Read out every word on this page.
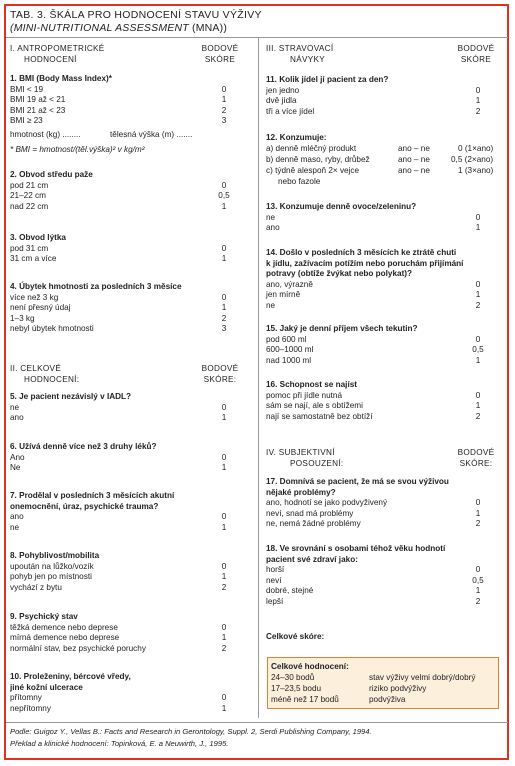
TAB. 3. ŠKÁLA PRO HODNOCENÍ STAVU VÝŽIVY
(MINI-NUTRITIONAL ASSESSMENT (MNA))
I. ANTROPOMETRICKÉ
HODNOCENÍ
BODOVÉ
SKÓRE
hmotnost (kg) ........	tělesná výška (m) .......
* BMI = hmotnost/(těl.výška)² v kg/m²
II. CELKOVÉ
HODNOCENÍ:
BODOVÉ
SKÓRE:
III. STRAVOVACÍ
NÁVYKY
BODOVÉ
SKÓRE
12. Konzumuje:
a) denně mléčný produkt	ano – ne	0 (1×ano)
b) denně maso, ryby, drůbež	ano – ne	0,5 (2×ano)
c) týdně alespoň 2× vejce	ano – ne	1 (3×ano)
nebo fazole
IV. SUBJEKTIVNÍ
POSOUZENÍ:
BODOVÉ
SKÓRE:
Celkové skóre:
Celkové hodnocení:
24–30 bodů	stav výživy velmi dobrý/dobrý
17–23,5 bodu	riziko podvýživy
méně než 17 bodů	podvýživa
Podle: Guigoz Y., Vellas B.: Facts and Research in Gerontology, Suppl. 2, Serdi Publishing Company, 1994.
Překlad a klinické hodnocení: Topinková, E. a Neuwirth, J., 1995.
1. BMI (Body Mass Index)*
BMI < 19	0
BMI 19 až < 21	1
BMI 21 až < 23	2
BMI ≥ 23	3
2. Obvod středu paže
pod 21 cm	0
21–22 cm	0,5
nad 22 cm	1
3. Obvod lýtka
pod 31 cm	0
31 cm a více	1
4. Úbytek hmotnosti za posledních 3 měsíce
více než 3 kg	0
není přesný údaj	1
1–3 kg	2
nebyl úbytek hmotnosti	3
5. Je pacient nezávislý v IADL?
ne	0
ano	1
6. Užívá denně více než 3 druhy léků?
Ano	0
Ne	1
7. Prodělal v posledních 3 měsících akutní
onemocnění, úraz, psychické trauma?
ano	0
ne	1
8. Pohyblivost/mobilita
upoután na lůžko/vozík	0
pohyb jen po místnosti	1
vychází z bytu	2
9. Psychický stav
těžká demence nebo deprese	0
mírná demence nebo deprese	1
normální stav, bez psychické poruchy	2
10. Proleženiny, bércové vředy,
jiné kožní ulcerace
přítomny	0
nepřítomny	1
11. Kolik jídel jí pacient za den?
jen jedno	0
dvě jídla	1
tři a více jídel	2
13. Konzumuje denně ovoce/zeleninu?
ne	0
ano	1
14. Došlo v posledních 3 měsících ke ztrátě chuti
k jídlu, zažívacím potížím nebo poruchám přijímání
potravy (obtíže žvýkat nebo polykat)?
ano, výrazně	0
jen mírně	1
ne	2
15. Jaký je denní příjem všech tekutin?
pod 600 ml	0
600–1000 ml	0,5
nad 1000 ml	1
16. Schopnost se najíst
pomoc při jídle nutná	0
sám se nají, ale s obtížemi	1
nají se samostatně bez obtíží	2
17. Domnívá se pacient, že má se svou výživou
nějaké problémy?
ano, hodnotí se jako podvyživený	0
neví, snad má problémy	1
ne, nemá žádné problémy	2
18. Ve srovnání s osobami téhož věku hodnotí
pacient své zdraví jako:
horší	0
neví	0,5
dobré, stejné	1
lepší	2
